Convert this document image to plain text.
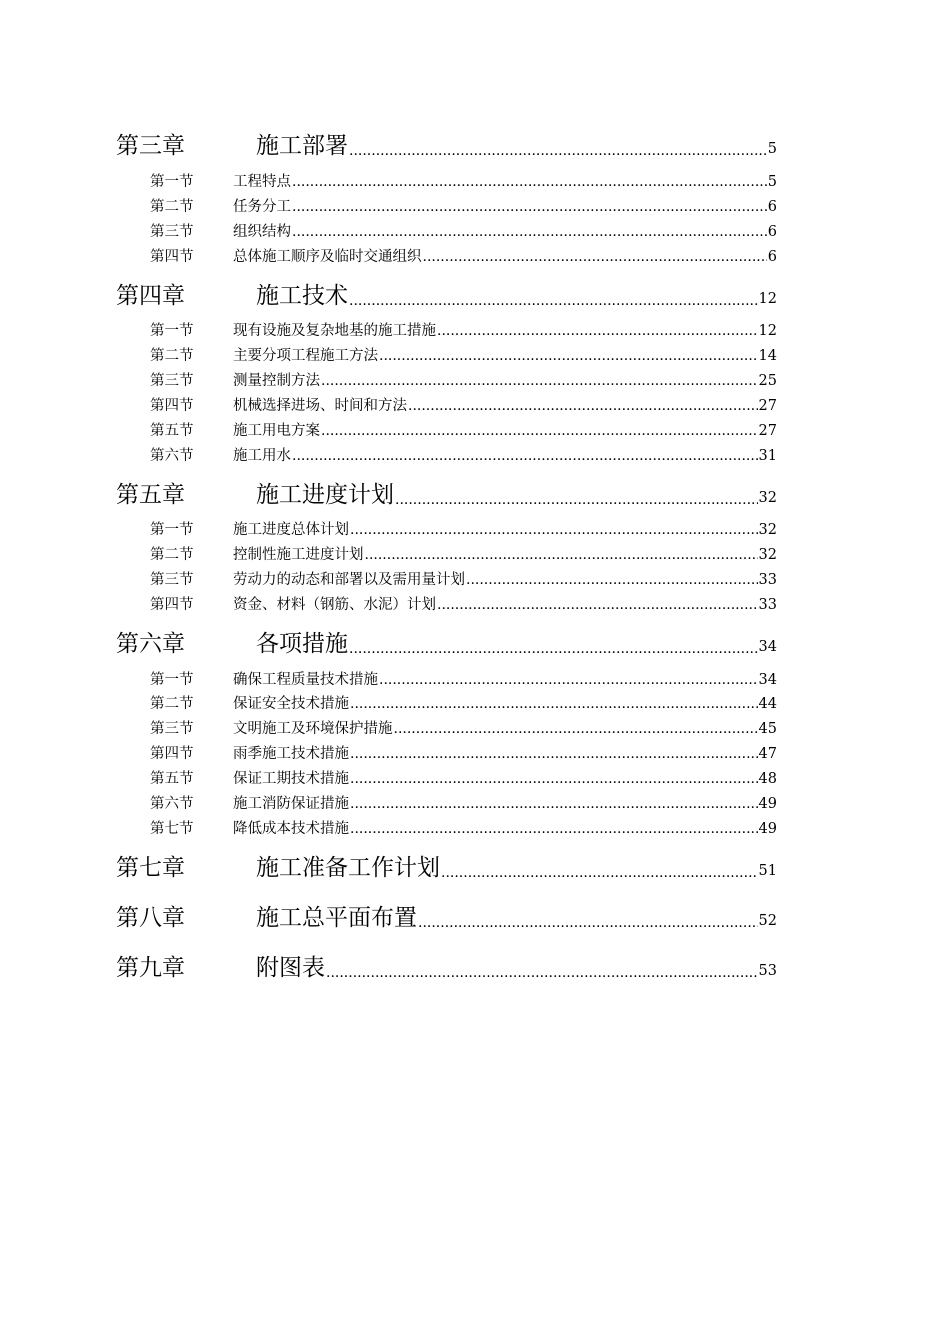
第三章	施工部署 .....	5
第一节	工程特点 .....	5
第二节	任务分工 .....	6
第三节	组织结构 .....	6
第四节	总体施工顺序及临时交通组织 .....	6
第四章	施工技术 .....	12
第一节	现有设施及复杂地基的施工措施 .....	12
第二节	主要分项工程施工方法 .....	14
第三节	测量控制方法 .....	25
第四节	机械选择进场、时间和方法 .....	27
第五节	施工用电方案 .....	27
第六节	施工用水 .....	31
第五章	施工进度计划 .....	32
第一节	施工进度总体计划 .....	32
第二节	控制性施工进度计划 .....	32
第三节	劳动力的动态和部署以及需用量计划 .....	33
第四节	资金、材料（钢筋、水泥）计划 .....	33
第六章	各项措施 .....	34
第一节	确保工程质量技术措施 .....	34
第二节	保证安全技术措施 .....	44
第三节	文明施工及环境保护措施 .....	45
第四节	雨季施工技术措施 .....	47
第五节	保证工期技术措施 .....	48
第六节	施工消防保证措施 .....	49
第七节	降低成本技术措施 .....	49
第七章	施工准备工作计划 .....	51
第八章	施工总平面布置 .....	52
第九章	附图表 .....	53
